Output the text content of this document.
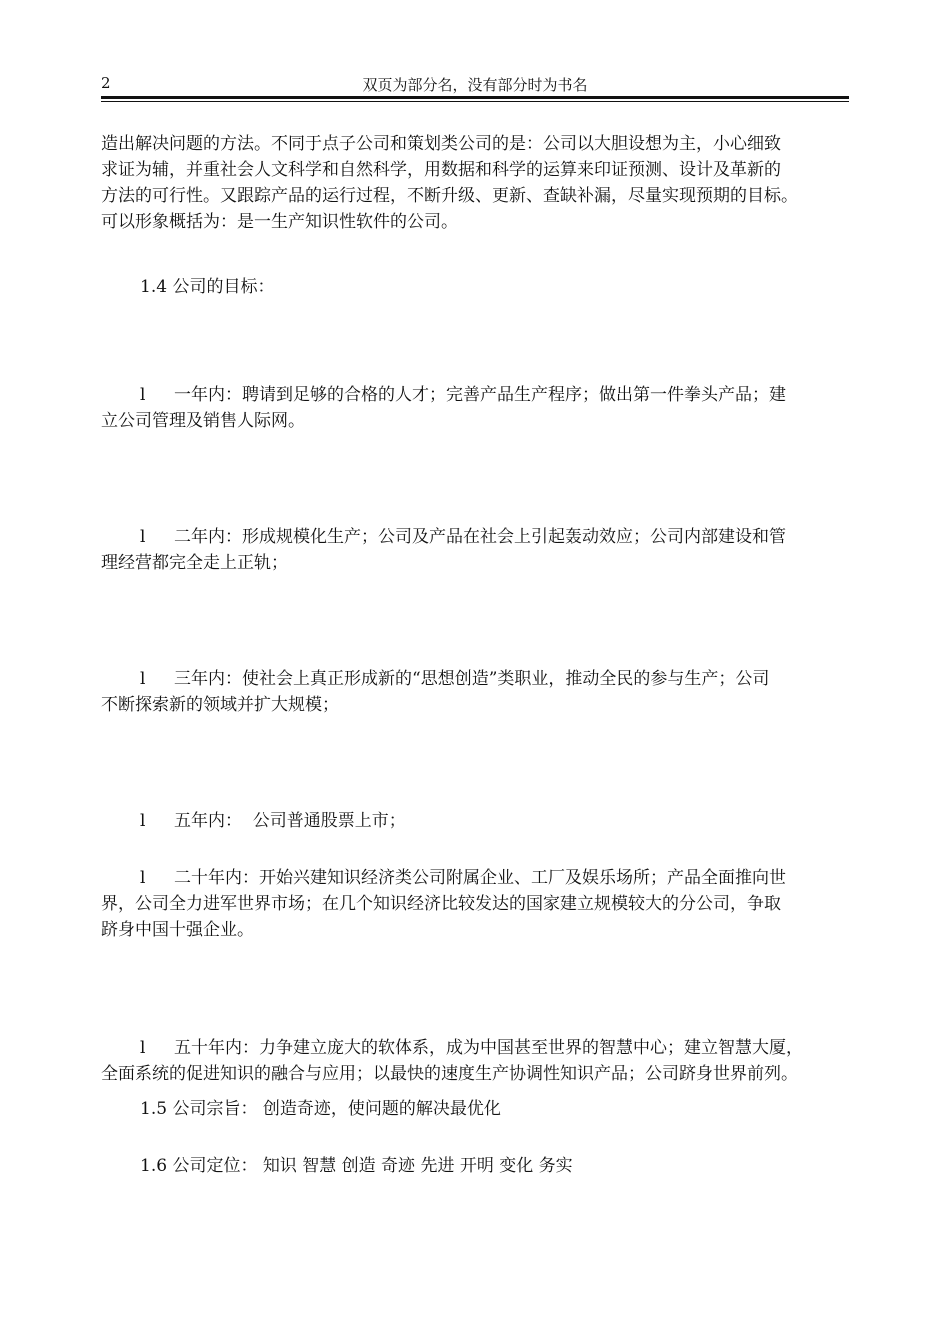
2	双页为部分名，没有部分时为书名

造出解决问题的方法。不同于点子公司和策划类公司的是：公司以大胆设想为主，小心细致
求证为辅，并重社会人文科学和自然科学，用数据和科学的运算来印证预测、设计及革新的
方法的可行性。又跟踪产品的运行过程，不断升级、更新、查缺补漏，尽量实现预期的目标。
可以形象概括为：是一生产知识性软件的公司。

1.4 公司的目标：

l 一年内：聘请到足够的合格的人才；完善产品生产程序；做出第一件拳头产品；建
立公司管理及销售人际网。

l 二年内：形成规模化生产；公司及产品在社会上引起轰动效应；公司内部建设和管
理经营都完全走上正轨；

l 三年内：使社会上真正形成新的“思想创造”类职业，推动全民的参与生产；公司
不断探索新的领域并扩大规模；

l 五年内：  公司普通股票上市；

l 二十年内：开始兴建知识经济类公司附属企业、工厂及娱乐场所；产品全面推向世
界，公司全力进军世界市场；在几个知识经济比较发达的国家建立规模较大的分公司，争取
跻身中国十强企业。

l 五十年内：力争建立庞大的软体系，成为中国甚至世界的智慧中心；建立智慧大厦，
全面系统的促进知识的融合与应用；以最快的速度生产协调性知识产品；公司跻身世界前列。

1.5 公司宗旨： 创造奇迹，使问题的解决最优化

1.6 公司定位： 知识 智慧 创造 奇迹 先进 开明 变化 务实
